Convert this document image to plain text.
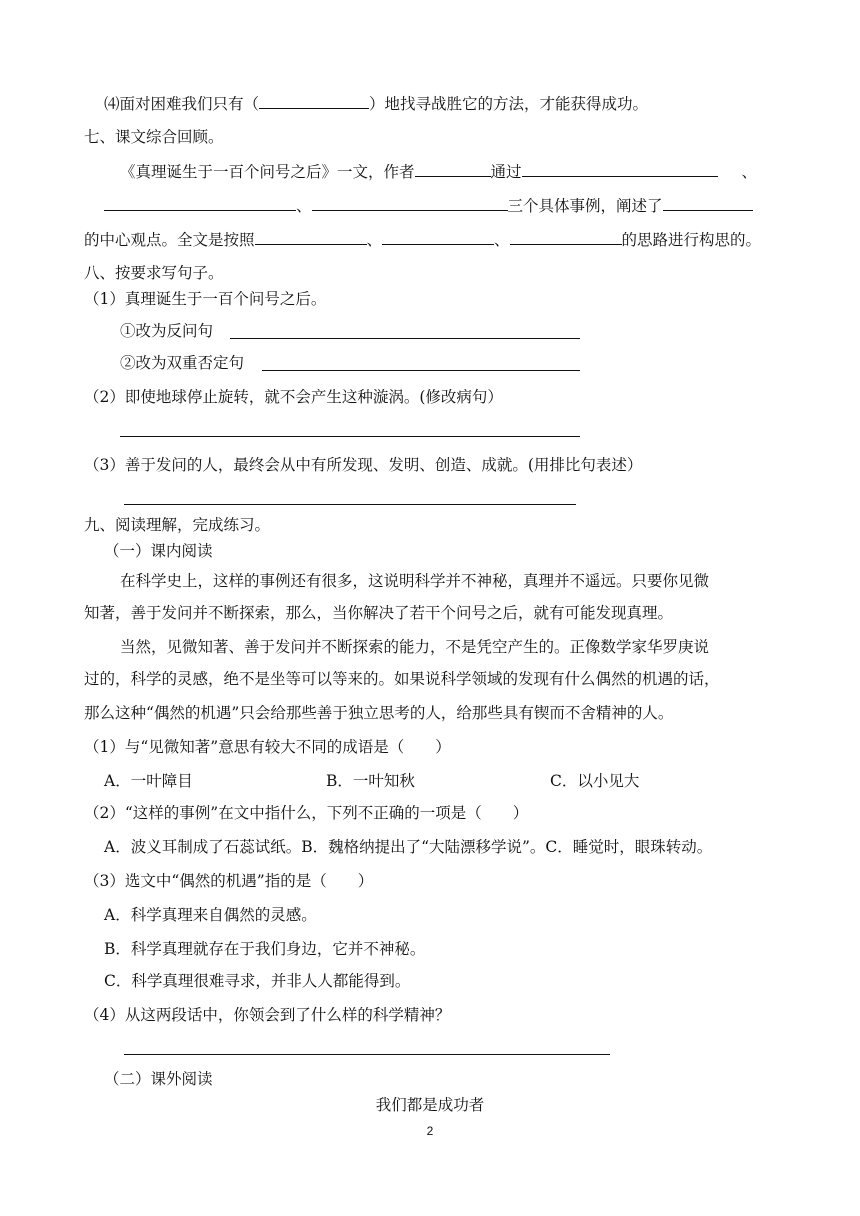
⑷面对困难我们只有（	）地找寻战胜它的方法，才能获得成功。
七、课文综合回顾。
《真理诞生于一百个问号之后》一文，作者	通过	、
、	三个具体事例，阐述了
的中心观点。全文是按照	、	、	的思路进行构思的。
八、按要求写句子。
（1）真理诞生于一百个问号之后。
①改为反问句
②改为双重否定句
（2）即使地球停止旋转，就不会产生这种漩涡。(修改病句）
（3）善于发问的人，最终会从中有所发现、发明、创造、成就。(用排比句表述）
九、阅读理解，完成练习。
（一）课内阅读
在科学史上，这样的事例还有很多，这说明科学并不神秘，真理并不遥远。只要你见微
知著，善于发问并不断探索，那么，当你解决了若干个问号之后，就有可能发现真理。
当然，见微知著、善于发问并不断探索的能力，不是凭空产生的。正像数学家华罗庚说
过的，科学的灵感，绝不是坐等可以等来的。如果说科学领域的发现有什么偶然的机遇的话，
那么这种“偶然的机遇”只会给那些善于独立思考的人，给那些具有锲而不舍精神的人。
（1）与“见微知著”意思有较大不同的成语是（　　）
A．一叶障目	B．一叶知秋	C．以小见大
（2）“这样的事例”在文中指什么，下列不正确的一项是（　　）
A．波义耳制成了石蕊试纸。B．魏格纳提出了“大陆漂移学说”。C．睡觉时，眼珠转动。
（3）选文中“偶然的机遇”指的是（　　）
A．科学真理来自偶然的灵感。
B．科学真理就存在于我们身边，它并不神秘。
C．科学真理很难寻求，并非人人都能得到。
（4）从这两段话中，你领会到了什么样的科学精神？
（二）课外阅读
我们都是成功者
2
